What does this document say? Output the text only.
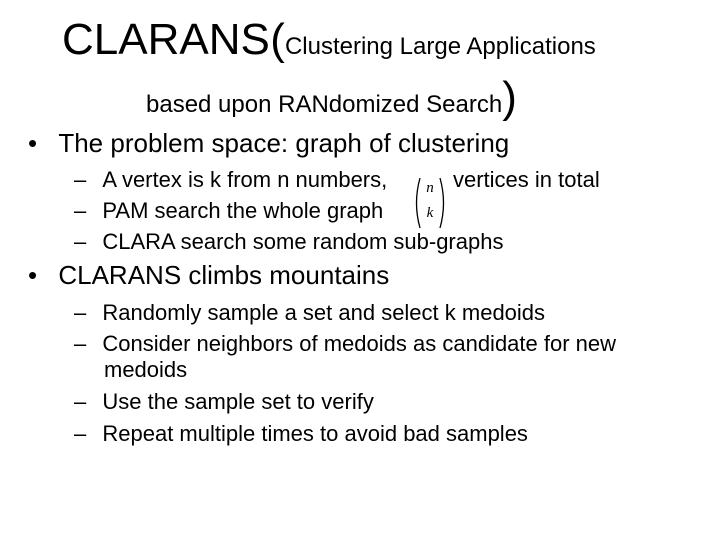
CLARANS (Clustering Large Applications
based upon RANdomized Search)
• The problem space: graph of clustering
– A vertex is k from n numbers,	vertices in total
n
k
– PAM search the whole graph
– CLARA search some random sub-graphs
• CLARANS climbs mountains
– Randomly sample a set and select k medoids
– Consider neighbors of medoids as candidate for new
medoids
– Use the sample set to verify
– Repeat multiple times to avoid bad samples
